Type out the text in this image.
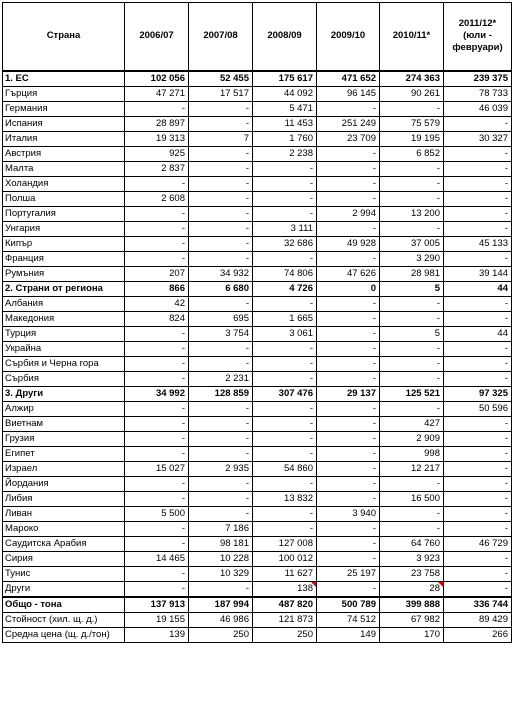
Страна	2006/07	2007/08	2008/09	2009/10	2010/11*	2011/12* (юли - февруари)
1. ЕС	102 056	52 455	175 617	471 652	274 363	239 375
Гърция	47 271	17 517	44 092	96 145	90 261	78 733
Германия	-	-	5 471	-	-	46 039
Испания	28 897	-	11 453	251 249	75 579	-
Италия	19 313	7	1 760	23 709	19 195	30 327
Австрия	925	-	2 238	-	6 852	-
Малта	2 837	-	-	-	-	-
Холандия	-	-	-	-	-	-
Полша	2 608	-	-	-	-	-
Португалия	-	-	-	2 994	13 200	-
Унгария	-	-	3 111	-	-	-
Кипър	-	-	32 686	49 928	37 005	45 133
Франция	-	-	-	-	3 290	-
Румъния	207	34 932	74 806	47 626	28 981	39 144
2. Страни от региона	866	6 680	4 726	0	5	44
Албания	42	-	-	-	-	-
Македония	824	695	1 665	-	-	-
Турция	-	3 754	3 061	-	5	44
Украйна	-	-	-	-	-	-
Сърбия и Черна гора	-	-	-	-	-	-
Сърбия	-	2 231	-	-	-	-
3. Други	34 992	128 859	307 476	29 137	125 521	97 325
Алжир	-	-	-	-	-	50 596
Виетнам	-	-	-	-	427	-
Грузия	-	-	-	-	2 909	-
Египет	-	-	-	-	998	-
Израел	15 027	2 935	54 860	-	12 217	-
Йордания	-	-	-	-	-	-
Либия	-	-	13 832	-	16 500	-
Ливан	5 500	-	-	3 940	-	-
Мароко	-	7 186	-	-	-	-
Саудитска Арабия	-	98 181	127 008	-	64 760	46 729
Сирия	14 465	10 228	100 012	-	3 923	-
Тунис	-	10 329	11 627	25 197	23 758	-
Други	-	-	138	-	28	-
Общо - тона	137 913	187 994	487 820	500 789	399 888	336 744
Стойност (хил. щ. д.)	19 155	46 986	121 873	74 512	67 982	89 429
Средна цена (щ. д./тон)	139	250	250	149	170	266
